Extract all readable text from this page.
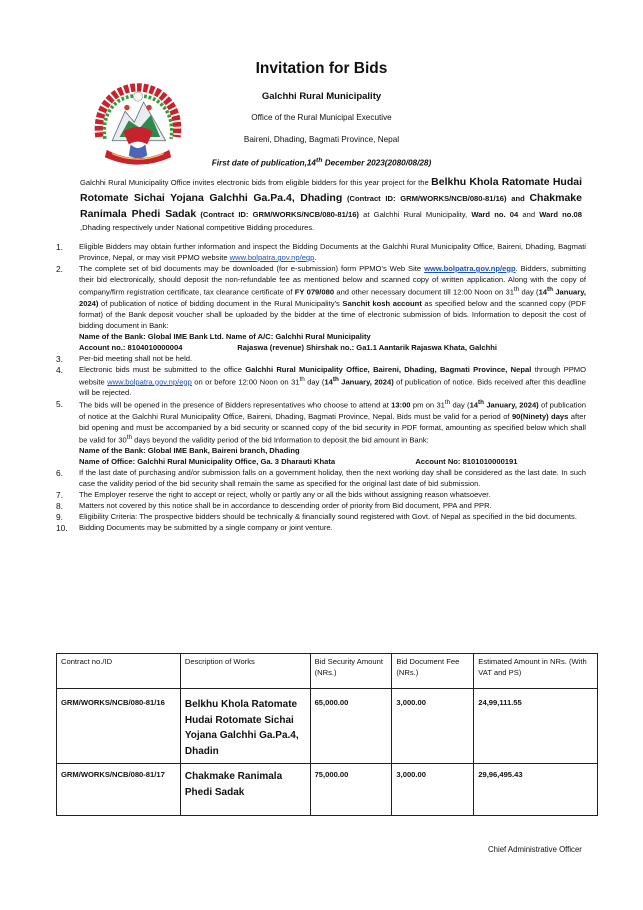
Invitation for Bids
Galchhi Rural Municipality
Office of the Rural Municipal Executive
Baireni, Dhading, Bagmati Province, Nepal
First date of publication,14th December 2023(2080/08/28)
Galchhi Rural Municipality Office invites electronic bids from eligible bidders for this year project for the Belkhu Khola Ratomate Hudai Rotomate Sichai Yojana Galchhi Ga.Pa.4, Dhading (Contract ID: GRM/WORKS/NCB/080-81/16) and Chakmake Ranimala Phedi Sadak (Contract ID: GRM/WORKS/NCB/080-81/16) at Galchhi Rural Municipality, Ward no. 04 and Ward no.08 ,Dhading respectively under National competitive Bidding procedures.
1.	Eligible Bidders may obtain further information and inspect the Bidding Documents at the Galchhi Rural Municipality Office, Baireni, Dhading, Bagmati Province, Nepal, or may visit PPMO website www.bolpatra.gov.np/egp.
2.	The complete set of bid documents may be downloaded (for e-submission) form PPMO’s Web Site www.bolpatra.gov.np/egp. Bidders, submitting their bid electronically, should deposit the non-refundable fee as mentioned below and scanned copy of written application. Along with the copy of company/firm registration certificate, tax clearance certificate of FY 079/080 and other necessary document till 12:00 Noon on 31th day (14th January, 2024) of publication of notice of bidding document in the Rural Municipality’s Sanchit kosh account as specified below and the scanned copy (PDF format) of the Bank deposit voucher shall be uploaded by the bidder at the time of electronic submission of bids. Information to deposit the cost of bidding document in Bank:
Name of the Bank: Global IME Bank Ltd. Name of A/C: Galchhi Rural Municipality
Account no.: 8104010000004	Rajaswa (revenue) Shirshak no.: Ga1.1 Aantarik Rajaswa Khata, Galchhi
3.	Per-bid meeting shall not be held.
4.	Electronic bids must be submitted to the office Galchhi Rural Municipality Office, Baireni, Dhading, Bagmati Province, Nepal through PPMO website www.bolpatra.gov.np/egp on or before 12:00 Noon on 31th day (14th January, 2024) of publication of notice. Bids received after this deadline will be rejected.
5.	The bids will be opened in the presence of Bidders representatives who choose to attend at 13:00 pm on 31th day (14th January, 2024) of publication of notice at the Galchhi Rural Municipality Office, Baireni, Dhading, Bagmati Province, Nepal. Bids must be valid for a period of 90(Ninety) days after bid opening and must be accompanied by a bid security or scanned copy of the bid security in PDF format, amounting as specified below which shall be valid for 30th days beyond the validity period of the bid Information to deposit the bid amount in Bank:
Name of the Bank: Global IME Bank, Baireni branch, Dhading
Name of Office: Galchhi Rural Municipality Office, Ga. 3 Dharauti Khata	Account No: 8101010000191
6.	If the last date of purchasing and/or submission falls on a government holiday, then the next working day shall be considered as the last date. In such case the validity period of the bid security shall remain the same as specified for the original last date of bid submission.
7.	The Employer reserve the right to accept or reject, wholly or partly any or all the bids without assigning reason whatsoever.
8.	Matters not covered by this notice shall be in accordance to descending order of priority from Bid document, PPA and PPR.
9.	Eligibility Criteria: The prospective bidders should be technically & financially sound registered with Govt. of Nepal as specified in the bid documents.
10.	Bidding Documents may be submitted by a single company or joint venture.
Contract no./ID	Description of Works	Bid Security Amount (NRs.)	Bid Document Fee (NRs.)	Estimated Amount in NRs. (With VAT and PS)
GRM/WORKS/NCB/080-81/16	Belkhu Khola Ratomate Hudai Rotomate Sichai Yojana Galchhi Ga.Pa.4, Dhadin	65,000.00	3,000.00	24,99,111.55
GRM/WORKS/NCB/080-81/17	Chakmake Ranimala Phedi Sadak	75,000.00	3,000.00	29,96,495.43
Chief Administrative Officer
